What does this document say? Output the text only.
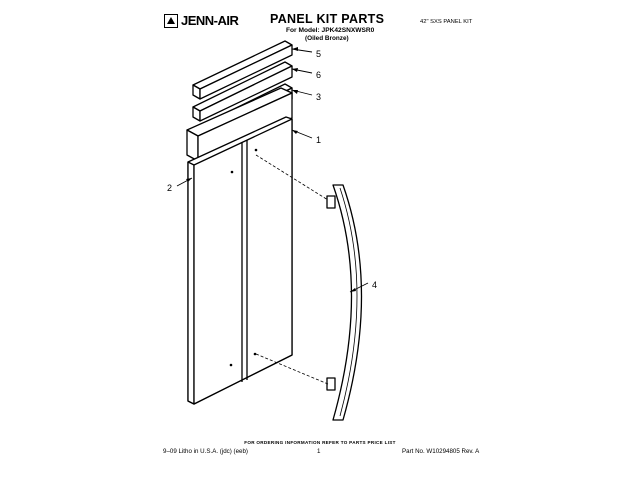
JENN-AIR	PANEL KIT PARTS
For Model: JPK42SNXWSR0
(Oiled Bronze)
42" SXS PANEL KIT
5
6
3
1
2
4
FOR ORDERING INFORMATION REFER TO PARTS PRICE LIST
9–09 Litho in U.S.A. (jdc) (eeb)	1	Part No. W10294805 Rev. A
